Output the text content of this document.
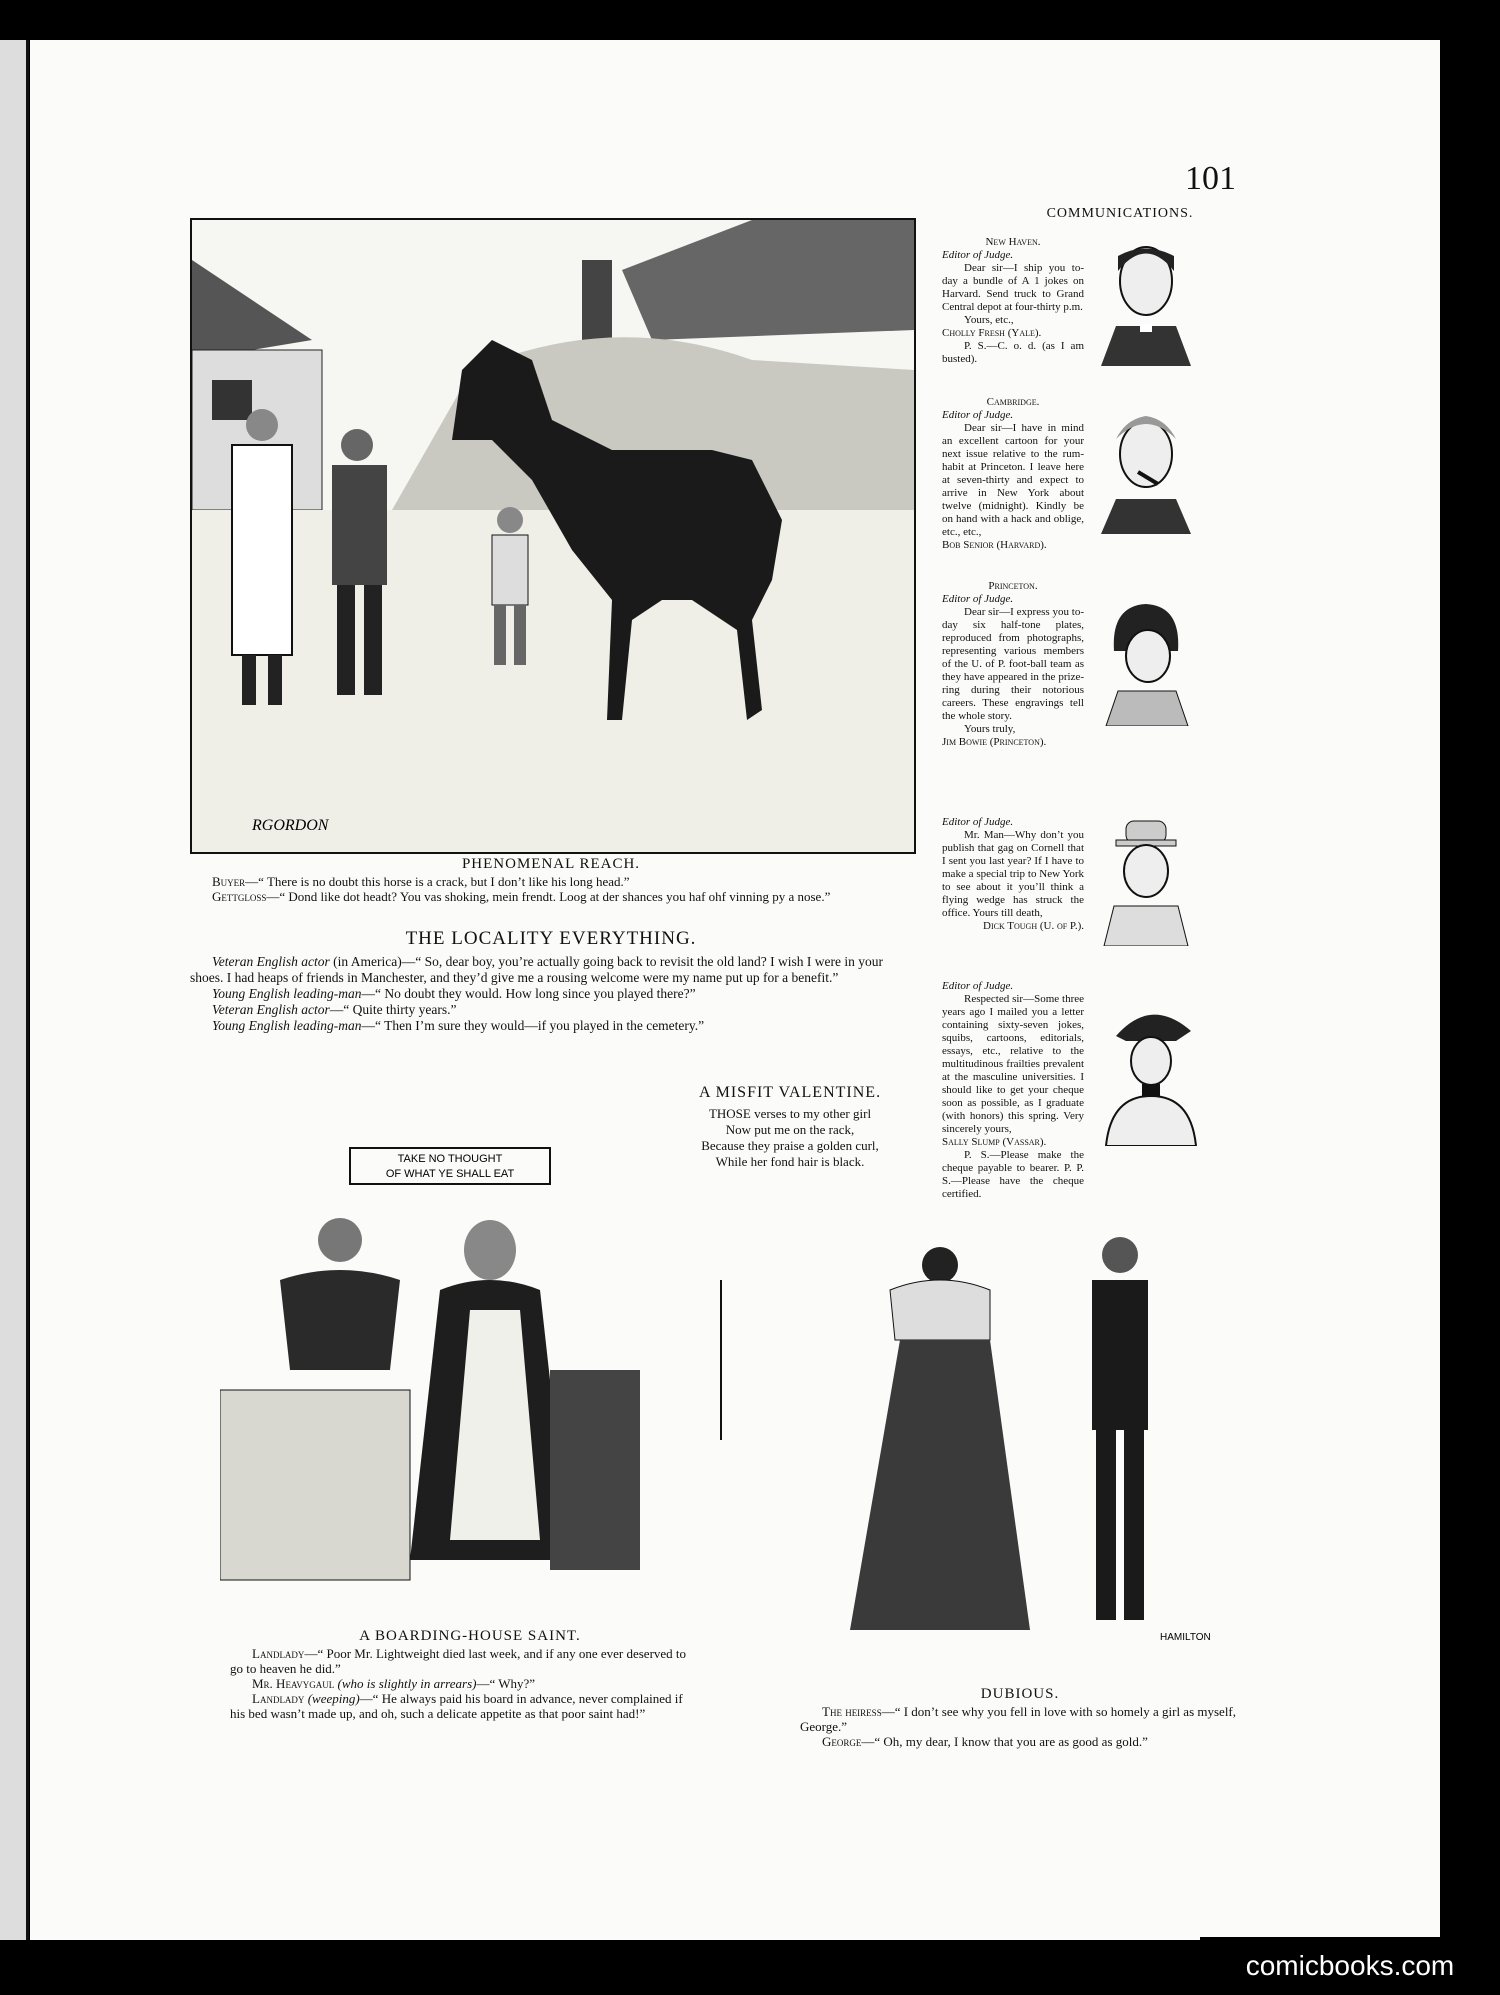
101
RGORDON
PHENOMENAL REACH.

Buyer—“ There is no doubt this horse is a crack, but I don’t like his long head.”

Gettgloss—“ Dond like dot headt? You vas shoking, mein frendt. Loog at der shances you haf ohf vinning py a nose.”

THE LOCALITY EVERYTHING.

Veteran English actor (in America)—“ So, dear boy, you’re actually going back to revisit the old land? I wish I were in your shoes. I had heaps of friends in Manchester, and they’d give me a rousing welcome were my name put up for a benefit.”

Young English leading-man—“ No doubt they would. How long since you played there?”

Veteran English actor—“ Quite thirty years.”

Young English leading-man—“ Then I’m sure they would—if you played in the cemetery.”

A MISFIT VALENTINE.
THOSE verses to my other girl
Now put me on the rack,
Because they praise a golden curl,
While her fond hair is black.
COMMUNICATIONS.

New Haven.

Editor of Judge.

Dear sir—I ship you to-day a bundle of A 1 jokes on Harvard. Send truck to Grand Central depot at four-thirty p.m.

Yours, etc.,

Cholly Fresh (Yale).

P. S.—C. o. d. (as I am busted).

Cambridge.

Editor of Judge.

Dear sir—I have in mind an excellent cartoon for your next issue relative to the rum-habit at Princeton. I leave here at seven-thirty and expect to arrive in New York about twelve (midnight). Kindly be on hand with a hack and oblige, etc., etc.,

Bob Senior (Harvard).

Princeton.

Editor of Judge.

Dear sir—I express you to-day six half-tone plates, reproduced from photographs, representing various members of the U. of P. foot-ball team as they have appeared in the prize-ring during their notorious careers. These engravings tell the whole story.

Yours truly,

Jim Bowie (Princeton).

Editor of Judge.

Mr. Man—Why don’t you publish that gag on Cornell that I sent you last year? If I have to make a special trip to New York to see about it you’ll think a flying wedge has struck the office. Yours till death,

Dick Tough (U. of P.).

Editor of Judge.

Respected sir—Some three years ago I mailed you a letter containing sixty-seven jokes, squibs, cartoons, editorials, essays, etc., relative to the multitudinous frailties prevalent at the masculine universities. I should like to get your cheque soon as possible, as I graduate (with honors) this spring. Very sincerely yours,

Sally Slump (Vassar).

P. S.—Please make the cheque payable to bearer. P. P. S.—Please have the cheque certified.

TAKE NO THOUGHT
OF WHAT YE SHALL EAT
HAMILTON
A BOARDING-HOUSE SAINT.

Landlady—“ Poor Mr. Lightweight died last week, and if any one ever deserved to go to heaven he did.”

Mr. Heavygaul (who is slightly in arrears)—“ Why?”

Landlady (weeping)—“ He always paid his board in advance, never complained if his bed wasn’t made up, and oh, such a delicate appetite as that poor saint had!”

DUBIOUS.

The heiress—“ I don’t see why you fell in love with so homely a girl as myself, George.”

George—“ Oh, my dear, I know that you are as good as gold.”

comicbooks.com
